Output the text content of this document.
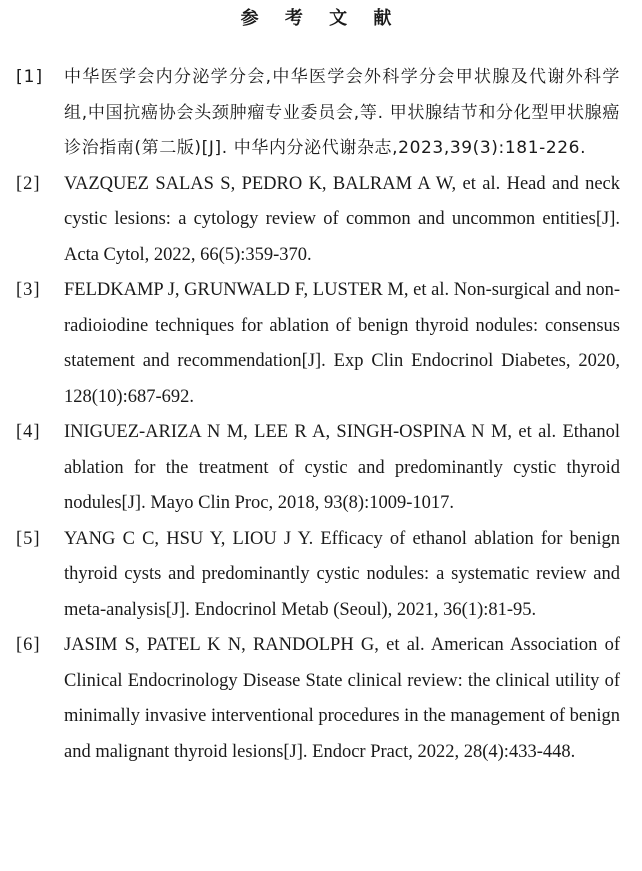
参 考 文 献
[1]	中华医学会内分泌学分会,中华医学会外科学分会甲状腺及代谢外科学组,中国抗癌协会头颈肿瘤专业委员会,等. 甲状腺结节和分化型甲状腺癌诊治指南(第二版)[J]. 中华内分泌代谢杂志,2023,39(3):181-226.
[2]	VAZQUEZ SALAS S, PEDRO K, BALRAM A W, et al. Head and neck cystic lesions: a cytology review of common and uncommon entities[J]. Acta Cytol, 2022, 66(5):359-370.
[3]	FELDKAMP J, GRUNWALD F, LUSTER M, et al. Non-surgical and non-radioiodine techniques for ablation of benign thyroid nodules: consensus statement and recommendation[J]. Exp Clin Endocrinol Diabetes, 2020, 128(10):687-692.
[4]	INIGUEZ-ARIZA N M, LEE R A, SINGH-OSPINA N M, et al. Ethanol ablation for the treatment of cystic and predominantly cystic thyroid nodules[J]. Mayo Clin Proc, 2018, 93(8):1009-1017.
[5]	YANG C C, HSU Y, LIOU J Y. Efficacy of ethanol ablation for benign thyroid cysts and predominantly cystic nodules: a systematic review and meta-analysis[J]. Endocrinol Metab (Seoul), 2021, 36(1):81-95.
[6]	JASIM S, PATEL K N, RANDOLPH G, et al. American Association of Clinical Endocrinology Disease State clinical review: the clinical utility of minimally invasive interventional procedures in the management of benign and malignant thyroid lesions[J]. Endocr Pract, 2022, 28(4):433-448.
